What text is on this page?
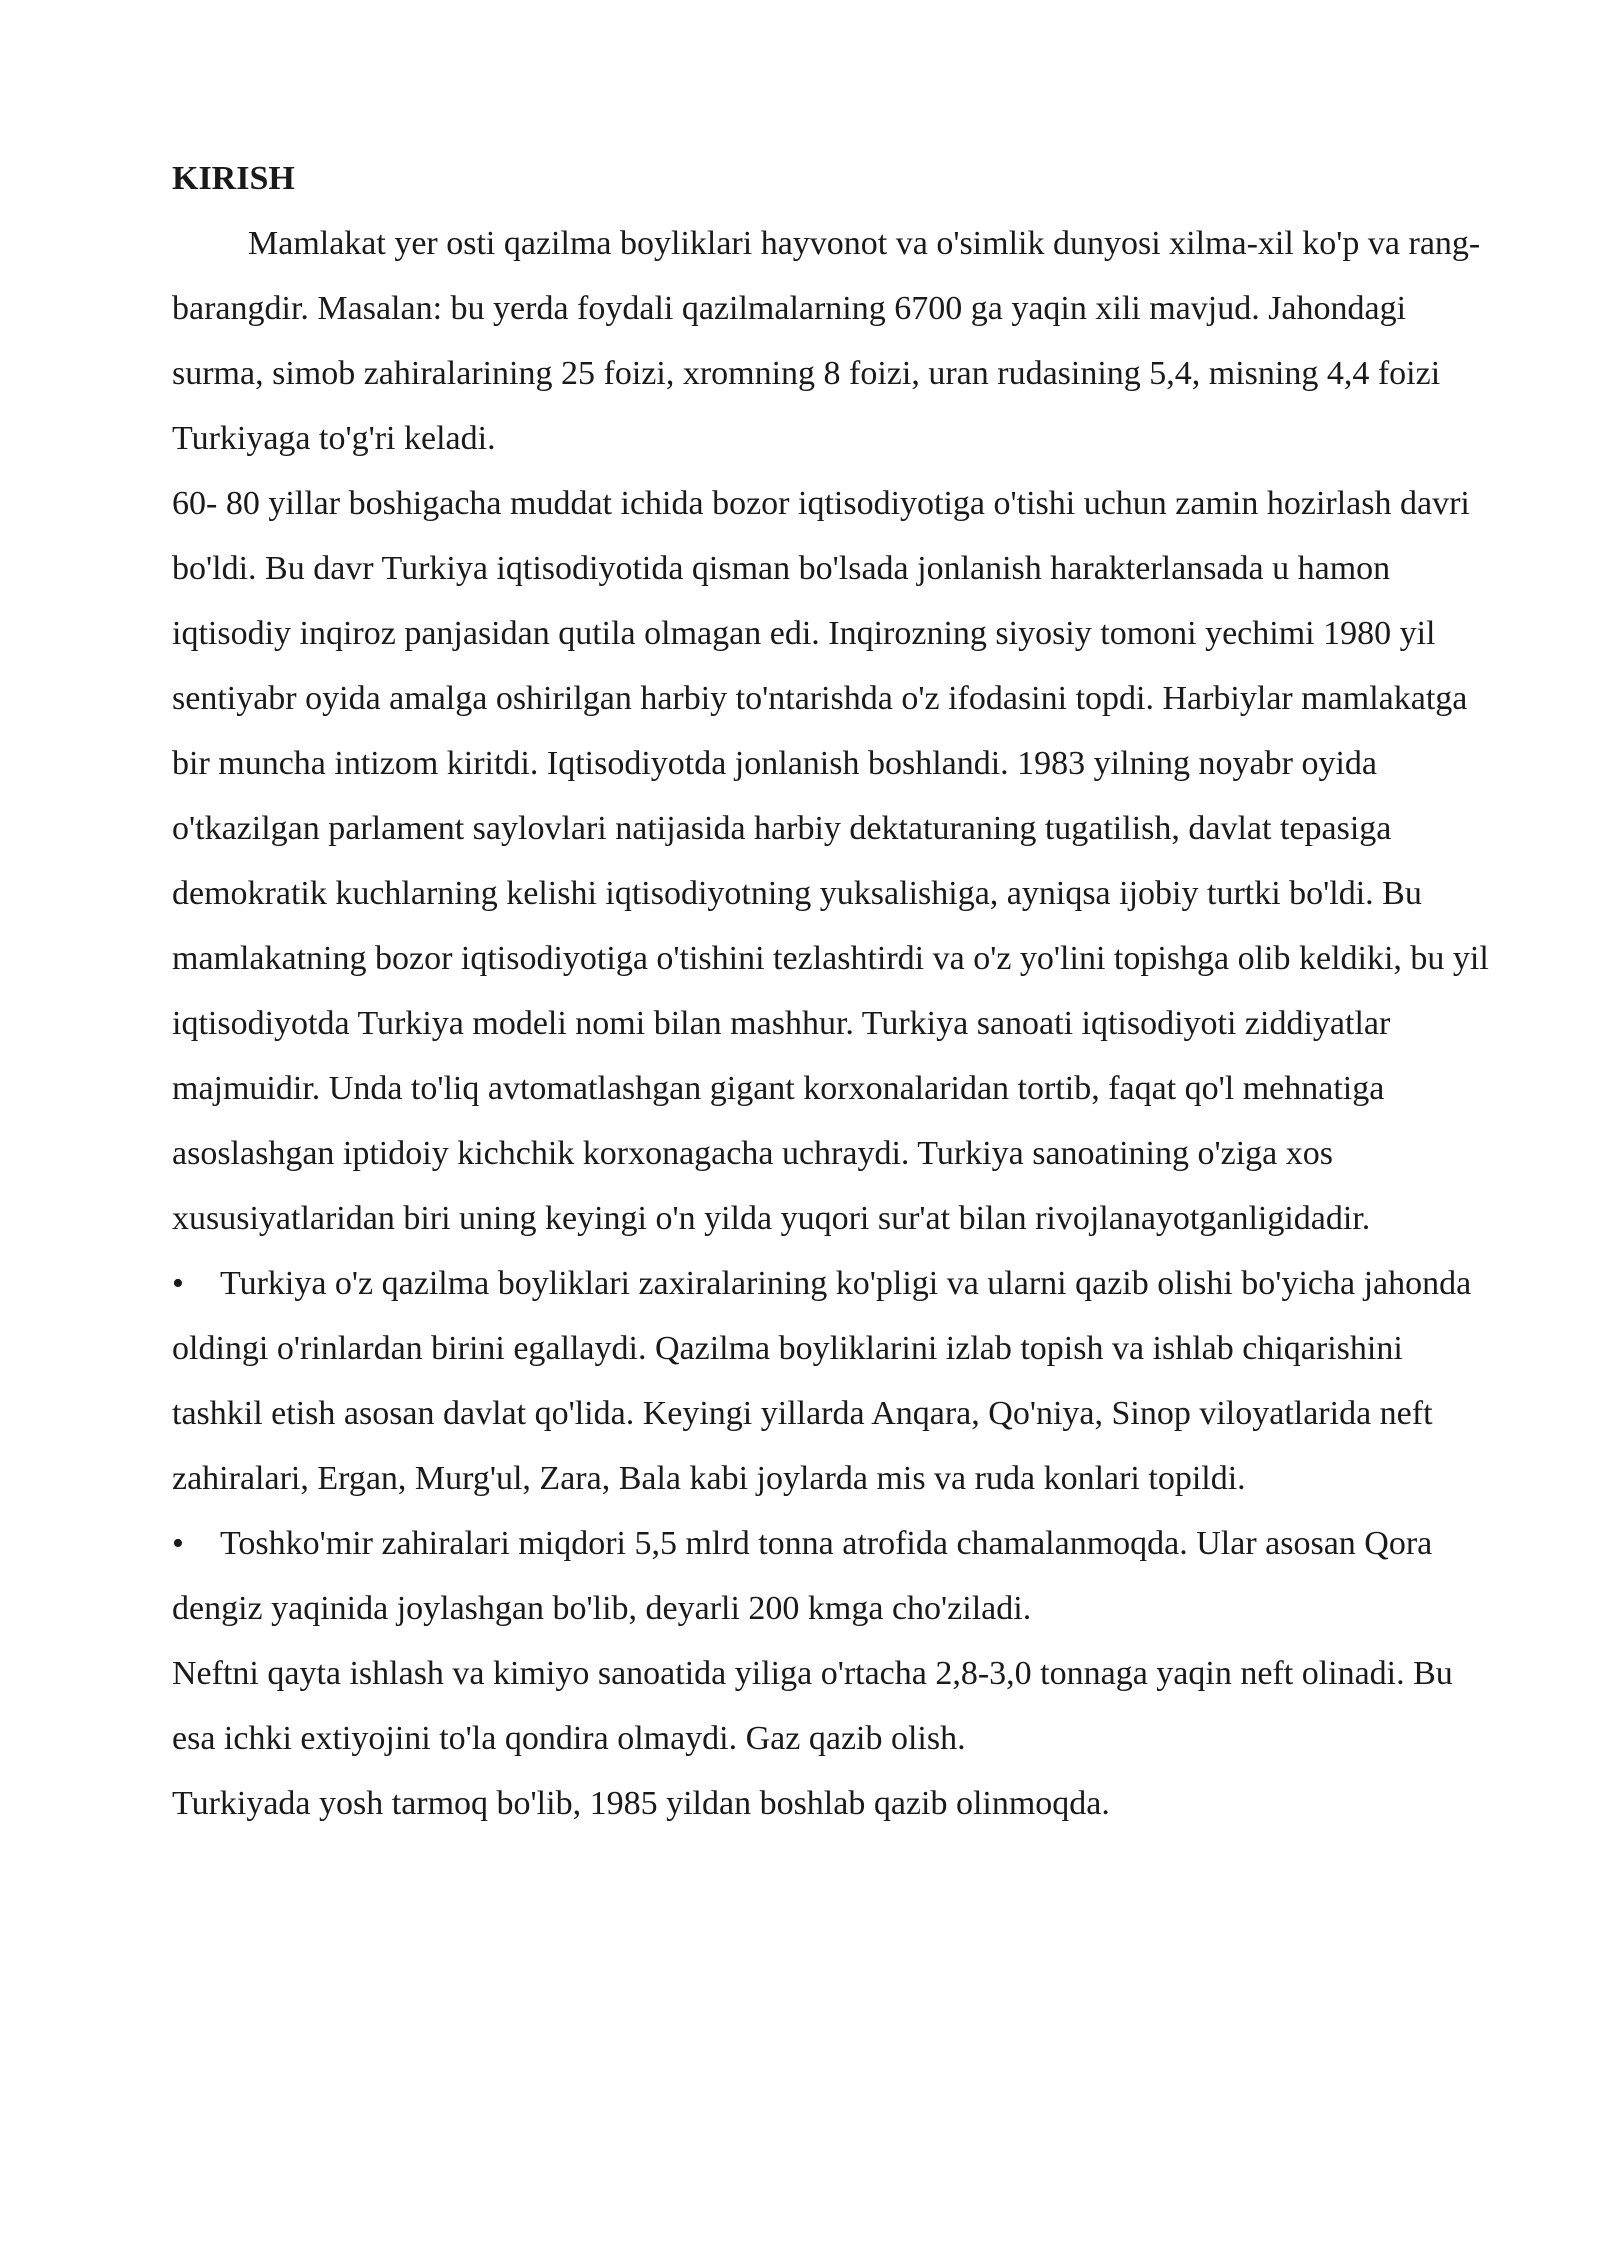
KIRISH

Mamlakat yer osti qazilma boyliklari hayvonot va o'simlik dunyosi xilma-xil ko'p va rang-barangdir. Masalan: bu yerda foydali qazilmalarning 6700 ga yaqin xili mavjud. Jahondagi surma, simob zahiralarining 25 foizi, xromning 8 foizi, uran rudasining 5,4, misning 4,4 foizi Turkiyaga to'g'ri keladi.

60- 80 yillar boshigacha muddat ichida bozor iqtisodiyotiga o'tishi uchun zamin hozirlash davri bo'ldi. Bu davr Turkiya iqtisodiyotida qisman bo'lsada jonlanish harakterlansada u hamon iqtisodiy inqiroz panjasidan qutila olmagan edi. Inqirozning siyosiy tomoni yechimi 1980 yil sentiyabr oyida amalga oshirilgan harbiy to'ntarishda o'z ifodasini topdi. Harbiylar mamlakatga bir muncha intizom kiritdi. Iqtisodiyotda jonlanish boshlandi. 1983 yilning noyabr oyida o'tkazilgan parlament saylovlari natijasida harbiy dektaturaning tugatilish, davlat tepasiga demokratik kuchlarning kelishi iqtisodiyotning yuksalishiga, ayniqsa ijobiy turtki bo'ldi. Bu mamlakatning bozor iqtisodiyotiga o'tishini tezlashtirdi va o'z yo'lini topishga olib keldiki, bu yil iqtisodiyotda Turkiya modeli nomi bilan mashhur. Turkiya sanoati iqtisodiyoti ziddiyatlar majmuidir. Unda to'liq avtomatlashgan gigant korxonalaridan tortib, faqat qo'l mehnatiga asoslashgan iptidoiy kichchik korxonagacha uchraydi. Turkiya sanoatining o'ziga xos xususiyatlaridan biri uning keyingi o'n yilda yuqori sur'at bilan rivojlanayotganligidadir.

• Turkiya o'z qazilma boyliklari zaxiralarining ko'pligi va ularni qazib olishi bo'yicha jahonda oldingi o'rinlardan birini egallaydi. Qazilma boyliklarini izlab topish va ishlab chiqarishini tashkil etish asosan davlat qo'lida. Keyingi yillarda Anqara, Qo'niya, Sinop viloyatlarida neft zahiralari, Ergan, Murg'ul, Zara, Bala kabi joylarda mis va ruda konlari topildi.

• Toshko'mir zahiralari miqdori 5,5 mlrd tonna atrofida chamalanmoqda. Ular asosan Qora dengiz yaqinida joylashgan bo'lib, deyarli 200 kmga cho'ziladi.

Neftni qayta ishlash va kimiyo sanoatida yiliga o'rtacha 2,8-3,0 tonnaga yaqin neft olinadi. Bu esa ichki extiyojini to'la qondira olmaydi. Gaz qazib olish.

Turkiyada yosh tarmoq bo'lib, 1985 yildan boshlab qazib olinmoqda.
